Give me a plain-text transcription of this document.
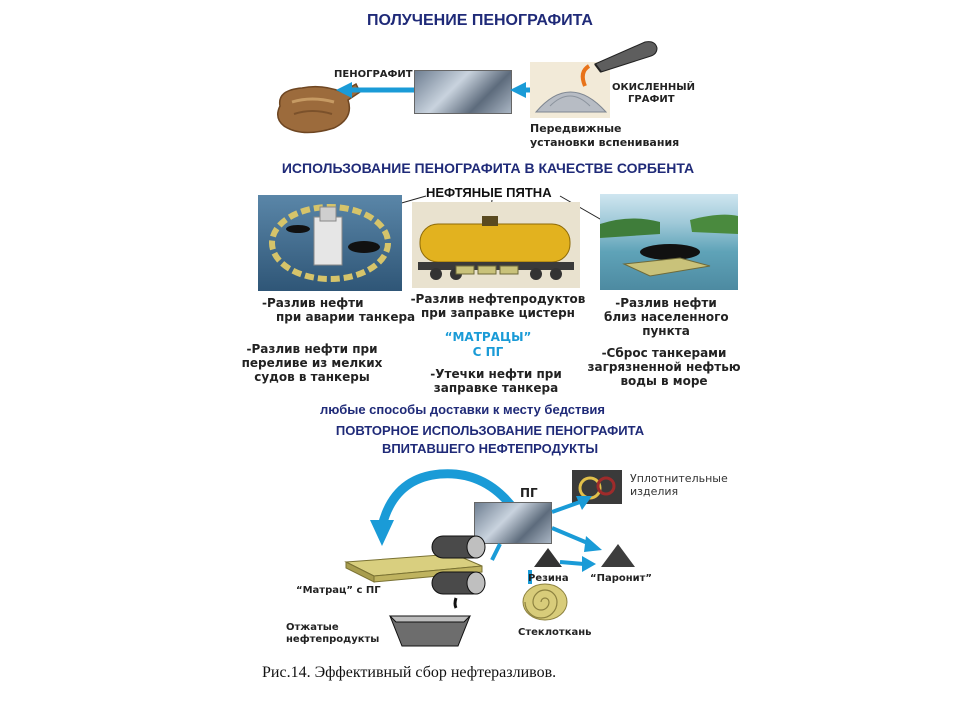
ПОЛУЧЕНИЕ ПЕНОГРАФИТА
ПЕНОГРАФИТ
ОКИСЛЕННЫЙ
ГРАФИТ
Передвижные
установки вспенивания
ИСПОЛЬЗОВАНИЕ ПЕНОГРАФИТА В КАЧЕСТВЕ СОРБЕНТА
НЕФТЯНЫЕ ПЯТНА
-Разлив нефти
при аварии танкера
-Разлив нефтепродуктов
при заправке цистерн
-Разлив нефти
близ населенного
пункта
-Разлив нефти при
переливе из мелких
судов в танкеры
“МАТРАЦЫ”
С ПГ
-Утечки нефти при
заправке танкера
-Сброс танкерами
загрязненной нефтью
воды в море
любые способы доставки к месту бедствия
ПОВТОРНОЕ ИСПОЛЬЗОВАНИЕ ПЕНОГРАФИТА
ВПИТАВШЕГО НЕФТЕПРОДУКТЫ
ПГ
Уплотнительные
изделия
Резина “Паронит”
Стеклоткань
“Матрац” с ПГ
Отжатые
нефтепродукты
Рис.14. Эффективный сбор нефтеразливов.
